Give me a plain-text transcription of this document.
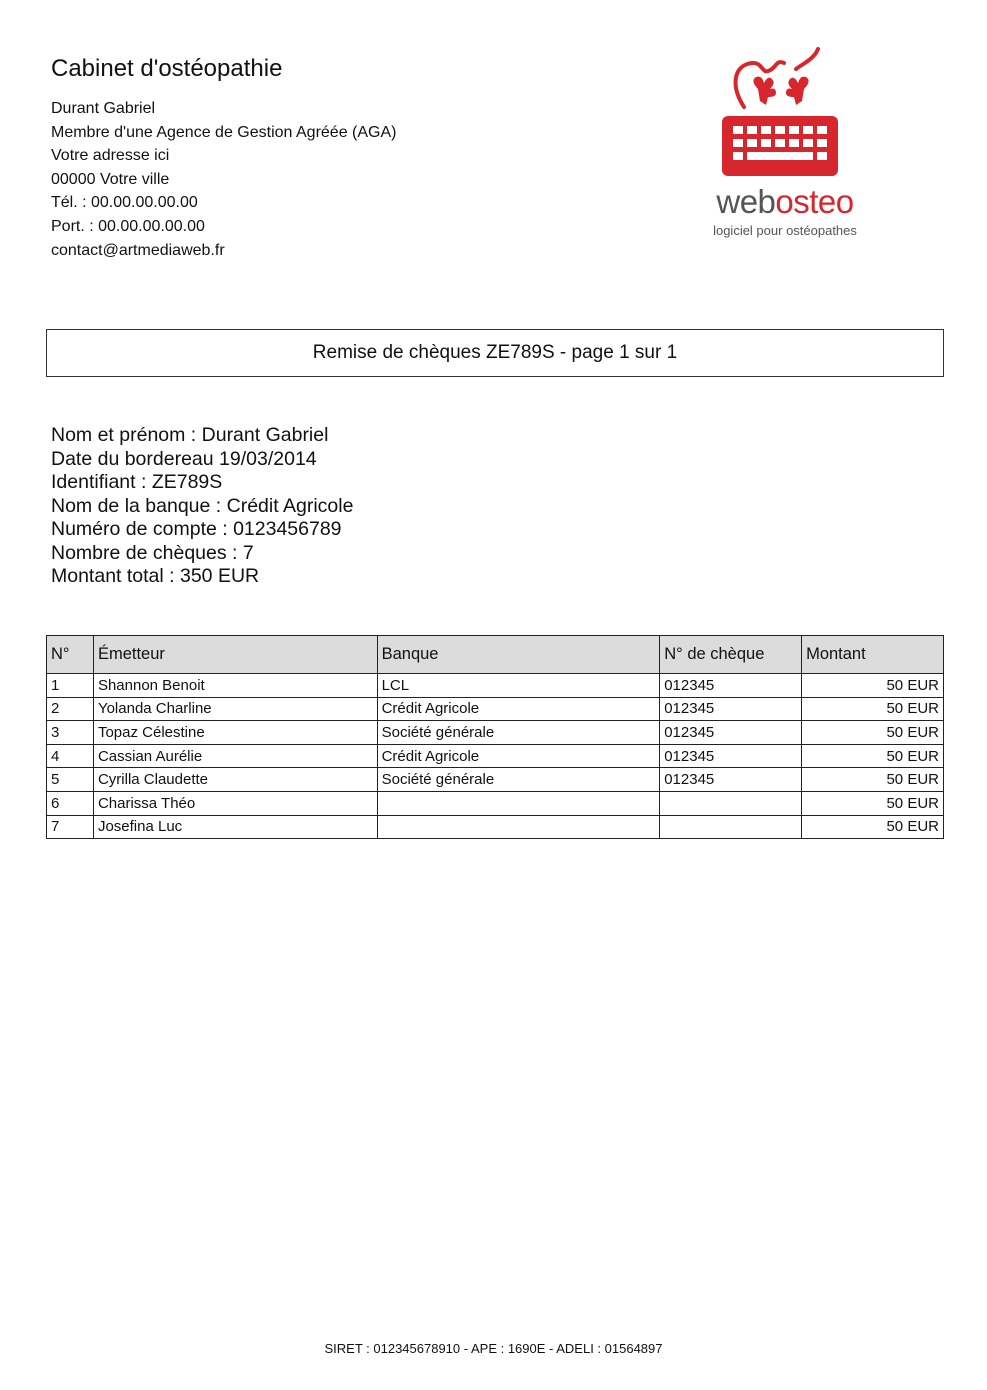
Cabinet d'ostéopathie
Durant Gabriel
Membre d'une Agence de Gestion Agréée (AGA)
Votre adresse ici
00000 Votre ville
Tél. : 00.00.00.00.00
Port. : 00.00.00.00.00
contact@artmediaweb.fr
webosteo
logiciel pour ostéopathes
Remise de chèques ZE789S - page 1 sur 1
Nom et prénom : Durant Gabriel
Date du bordereau 19/03/2014
Identifiant : ZE789S
Nom de la banque : Crédit Agricole
Numéro de compte : 0123456789
Nombre de chèques : 7
Montant total : 350 EUR
N°	Émetteur	Banque	N° de chèque	Montant
1	Shannon Benoit	LCL	012345	50 EUR
2	Yolanda Charline	Crédit Agricole	012345	50 EUR
3	Topaz Célestine	Société générale	012345	50 EUR
4	Cassian Aurélie	Crédit Agricole	012345	50 EUR
5	Cyrilla Claudette	Société générale	012345	50 EUR
6	Charissa Théo			50 EUR
7	Josefina Luc			50 EUR
SIRET : 012345678910 - APE : 1690E - ADELI : 01564897
